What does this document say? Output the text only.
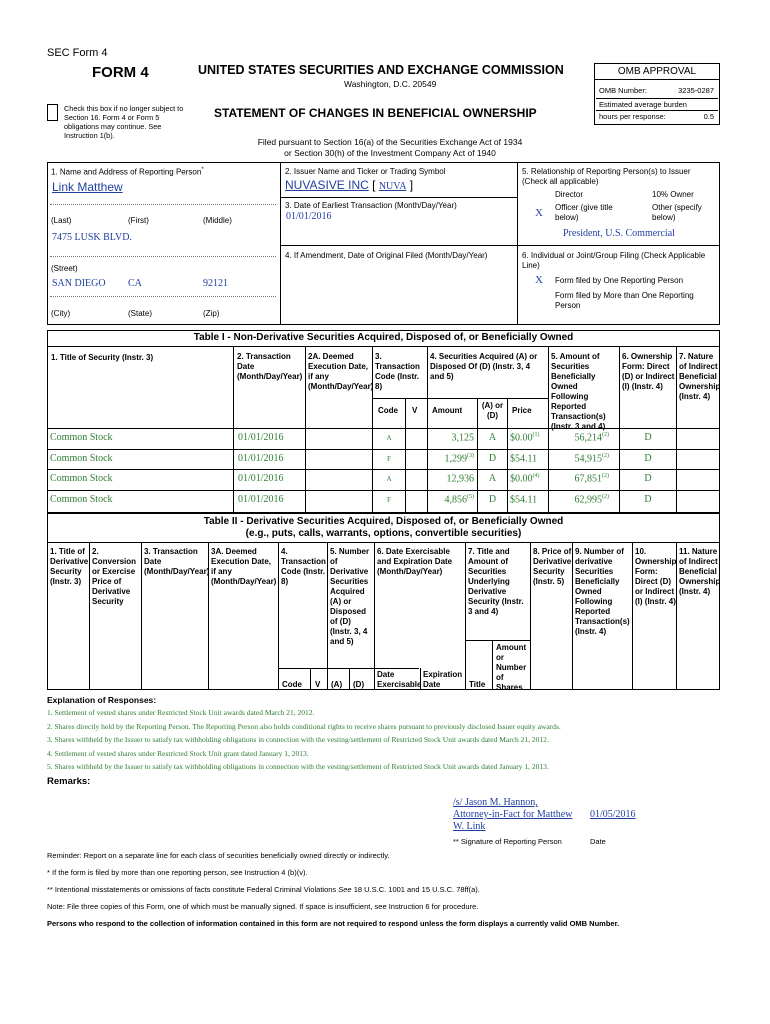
SEC Form 4
FORM 4	UNITED STATES SECURITIES AND EXCHANGE COMMISSION
Washington, D.C. 20549
Check this box if no longer subject to Section 16. Form 4 or Form 5 obligations may continue. See Instruction 1(b).
STATEMENT OF CHANGES IN BENEFICIAL OWNERSHIP
Filed pursuant to Section 16(a) of the Securities Exchange Act of 1934
or Section 30(h) of the Investment Company Act of 1940
OMB APPROVAL
OMB Number:	3235-0287
Estimated average burden
hours per response:	0.5
1. Name and Address of Reporting Person*
Link Matthew
(Last)	(First)	(Middle)
7475 LUSK BLVD.
(Street)
SAN DIEGO CA	92121
(City)	(State)	(Zip)
2. Issuer Name and Ticker or Trading Symbol
NUVASIVE INC [ NUVA ]
3. Date of Earliest Transaction (Month/Day/Year)
01/01/2016
4. If Amendment, Date of Original Filed (Month/Day/Year)
5. Relationship of Reporting Person(s) to Issuer (Check all applicable)
Director	10% Owner
X Officer (give title below)
Other (specify below)
President, U.S. Commercial
6. Individual or Joint/Group Filing (Check Applicable Line)
X Form filed by One Reporting Person
Form filed by More than One Reporting Person
Table I - Non-Derivative Securities Acquired, Disposed of, or Beneficially Owned
1. Title of Security (Instr. 3)	2. Transaction Date (Month/Day/Year)
2A. Deemed Execution Date, if any (Month/Day/Year)
3. Transaction Code (Instr. 8)
4. Securities Acquired (A) or Disposed Of (D) (Instr. 3, 4 and 5)
5. Amount of Securities Beneficially Owned Following Reported Transaction(s) (Instr. 3 and 4)
6. Ownership Form: Direct (D) or Indirect (I) (Instr. 4)
7. Nature of Indirect Beneficial Ownership (Instr. 4)
Code V Amount
(A) or (D)
Price
Common Stock	01/01/2016	A	3,125	A	$0.00$^{(1)}$	56,214$^{(2)}$	D
Common Stock	01/01/2016	F	1,299$^{(3)}$	D	$54.11	54,915$^{(2)}$	D
Common Stock	01/01/2016	A	12,936	A	$0.00$^{(4)}$	67,851$^{(2)}$	D
Common Stock	01/01/2016	F	4,856$^{(5)}$	D	$54.11	62,995$^{(2)}$	D
Table II - Derivative Securities Acquired, Disposed of, or Beneficially Owned
(e.g., puts, calls, warrants, options, convertible securities)
1. Title of Derivative Security (Instr. 3)
2. Conversion or Exercise Price of Derivative Security
3. Transaction Date (Month/Day/Year)
3A. Deemed Execution Date, if any (Month/Day/Year)
4. Transaction Code (Instr. 8)
5. Number of Derivative Securities Acquired (A) or Disposed of (D) (Instr. 3, 4 and 5)
6. Date Exercisable and Expiration Date (Month/Day/Year)
7. Title and Amount of Securities Underlying Derivative Security (Instr. 3 and 4)
8. Price of Derivative Security (Instr. 5)
9. Number of derivative Securities Beneficially Owned Following Reported Transaction(s) (Instr. 4)
10. Ownership Form: Direct (D) or Indirect (I) (Instr. 4)
11. Nature of Indirect Beneficial Ownership (Instr. 4)
Code V (A) (D)
Date Exercisable
Expiration Date	Title
Amount or Number of Shares
Explanation of Responses:
1. Settlement of vested shares under Restricted Stock Unit awards dated March 21, 2012.
2. Shares directly held by the Reporting Person. The Reporting Person also holds conditional rights to receive shares pursuant to previously disclosed Issuer equity awards.
3. Shares withheld by the Issuer to satisfy tax withholding obligations in connection with the vesting/settlement of Restricted Stock Unit awards dated March 21, 2012.
4. Settlement of vested shares under Restricted Stock Unit grant dated January 1, 2013.
5. Shares withheld by the Issuer to satisfy tax withholding obligations in connection with the vesting/settlement of Restricted Stock Unit awards dated January 1, 2013.
Remarks:
/s/ Jason M. Hannon,
Attorney-in-Fact for Matthew
W. Link
01/05/2016
** Signature of Reporting Person	Date
Reminder: Report on a separate line for each class of securities beneficially owned directly or indirectly.
* If the form is filed by more than one reporting person, see Instruction 4 (b)(v).
** Intentional misstatements or omissions of facts constitute Federal Criminal Violations See 18 U.S.C. 1001 and 15 U.S.C. 78ff(a).
Note: File three copies of this Form, one of which must be manually signed. If space is insufficient, see Instruction 6 for procedure.
Persons who respond to the collection of information contained in this form are not required to respond unless the form displays a currently valid OMB Number.
